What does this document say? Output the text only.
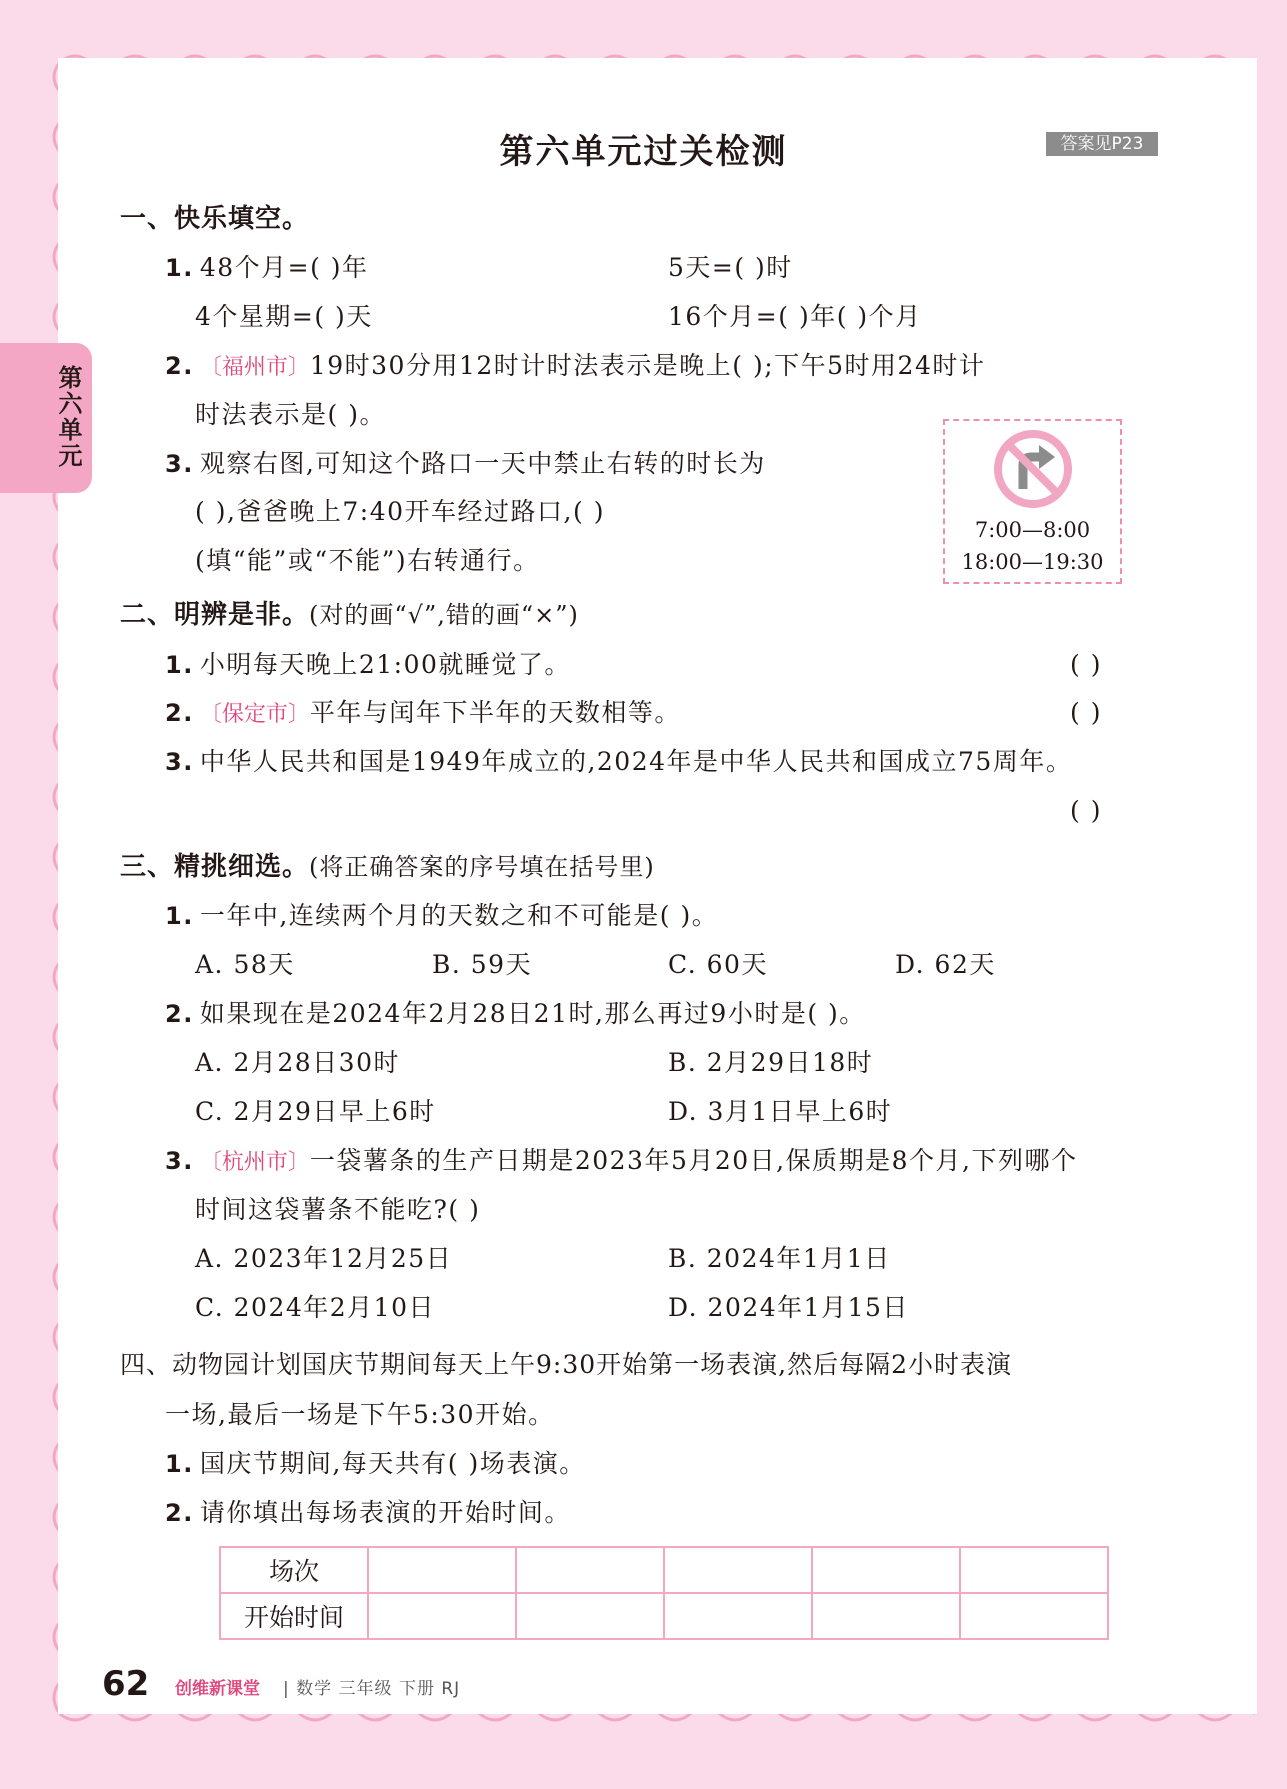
第六单元
第六单元过关检测	答案见P23
一、快乐填空。
1. 48个月=( )年	5天=( )时
4个星期=( )天	16个月=( )年( )个月
2. 〔福州市〕19时30分用12时计时法表示是晚上( );下午5时用24时计
时法表示是( )。
3. 观察右图,可知这个路口一天中禁止右转的时长为
( ),爸爸晚上7:40开车经过路口,( )
(填“能”或“不能”)右转通行。
7:00—8:00
18:00—19:30
二、明辨是非。(对的画“√”,错的画“×”)
1. 小明每天晚上21:00就睡觉了。	( )
2. 〔保定市〕平年与闰年下半年的天数相等。	( )
3. 中华人民共和国是1949年成立的,2024年是中华人民共和国成立75周年。
( )
三、精挑细选。(将正确答案的序号填在括号里)
1. 一年中,连续两个月的天数之和不可能是( )。
A. 58天	B. 59天	C. 60天	D. 62天
2. 如果现在是2024年2月28日21时,那么再过9小时是( )。
A. 2月28日30时	B. 2月29日18时
C. 2月29日早上6时	D. 3月1日早上6时
3. 〔杭州市〕一袋薯条的生产日期是2023年5月20日,保质期是8个月,下列哪个
时间这袋薯条不能吃?( )
A. 2023年12月25日	B. 2024年1月1日
C. 2024年2月10日	D. 2024年1月15日
四、动物园计划国庆节期间每天上午9:30开始第一场表演,然后每隔2小时表演
一场,最后一场是下午5:30开始。
1. 国庆节期间,每天共有( )场表演。
2. 请你填出每场表演的开始时间。
场次					
开始时间					
62 创维新课堂 | 数学 三年级 下册 RJ
